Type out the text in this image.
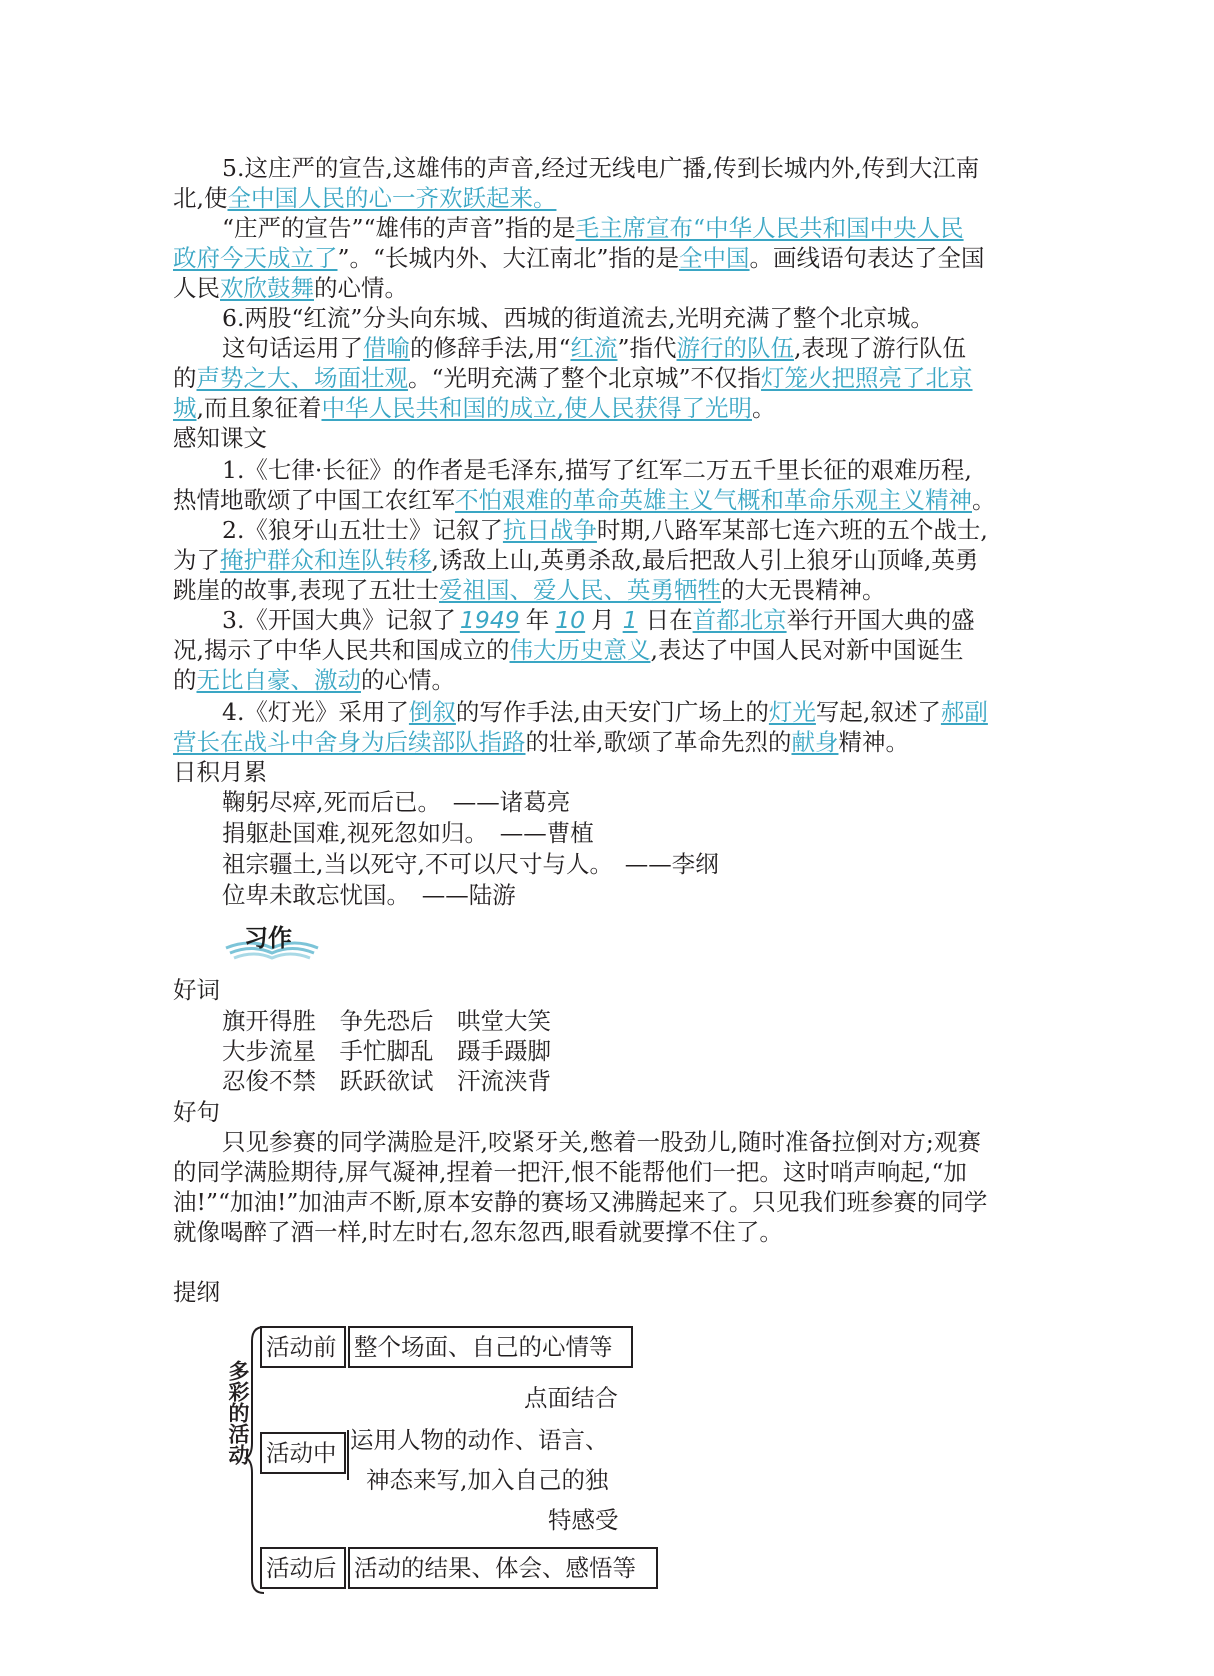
5.这庄严的宣告,这雄伟的声音,经过无线电广播,传到长城内外,传到大江南
北,使全中国人民的心一齐欢跃起来。
“庄严的宣告”“雄伟的声音”指的是毛主席宣布“中华人民共和国中央人民
政府今天成立了”。“长城内外、大江南北”指的是全中国。画线语句表达了全国
人民欢欣鼓舞的心情。
6.两股“红流”分头向东城、西城的街道流去,光明充满了整个北京城。
这句话运用了借喻的修辞手法,用“红流”指代游行的队伍,表现了游行队伍
的声势之大、场面壮观。“光明充满了整个北京城”不仅指灯笼火把照亮了北京
城,而且象征着中华人民共和国的成立,使人民获得了光明。
感知课文
1.《七律·长征》的作者是毛泽东,描写了红军二万五千里长征的艰难历程,
热情地歌颂了中国工农红军不怕艰难的革命英雄主义气概和革命乐观主义精神。
2.《狼牙山五壮士》记叙了抗日战争时期,八路军某部七连六班的五个战士,
为了掩护群众和连队转移,诱敌上山,英勇杀敌,最后把敌人引上狼牙山顶峰,英勇
跳崖的故事,表现了五壮士爱祖国、爱人民、英勇牺牲的大无畏精神。
3.《开国大典》记叙了 1949 年 10 月 1 日在首都北京举行开国大典的盛
况,揭示了中华人民共和国成立的伟大历史意义,表达了中国人民对新中国诞生
的无比自豪、激动的心情。
4.《灯光》采用了倒叙的写作手法,由天安门广场上的灯光写起,叙述了郝副
营长在战斗中舍身为后续部队指路的壮举,歌颂了革命先烈的献身精神。
日积月累
鞠躬尽瘁,死而后已。　——诸葛亮
捐躯赴国难,视死忽如归。　——曹植
祖宗疆土,当以死守,不可以尺寸与人。　——李纲
位卑未敢忘忧国。　——陆游
习作
好词
旗开得胜　争先恐后　哄堂大笑
大步流星　手忙脚乱　蹑手蹑脚
忍俊不禁　跃跃欲试　汗流浃背
好句
只见参赛的同学满脸是汗,咬紧牙关,憋着一股劲儿,随时准备拉倒对方;观赛
的同学满脸期待,屏气凝神,捏着一把汗,恨不能帮他们一把。这时哨声响起,“加
油!”“加油!”加油声不断,原本安静的赛场又沸腾起来了。只见我们班参赛的同学
就像喝醉了酒一样,时左时右,忽东忽西,眼看就要撑不住了。
提纲
多彩的活动
活动前 整个场面、自己的心情等
点面结合
活动中 运用人物的动作、语言、
神态来写,加入自己的独
特感受
活动后 活动的结果、体会、感悟等
